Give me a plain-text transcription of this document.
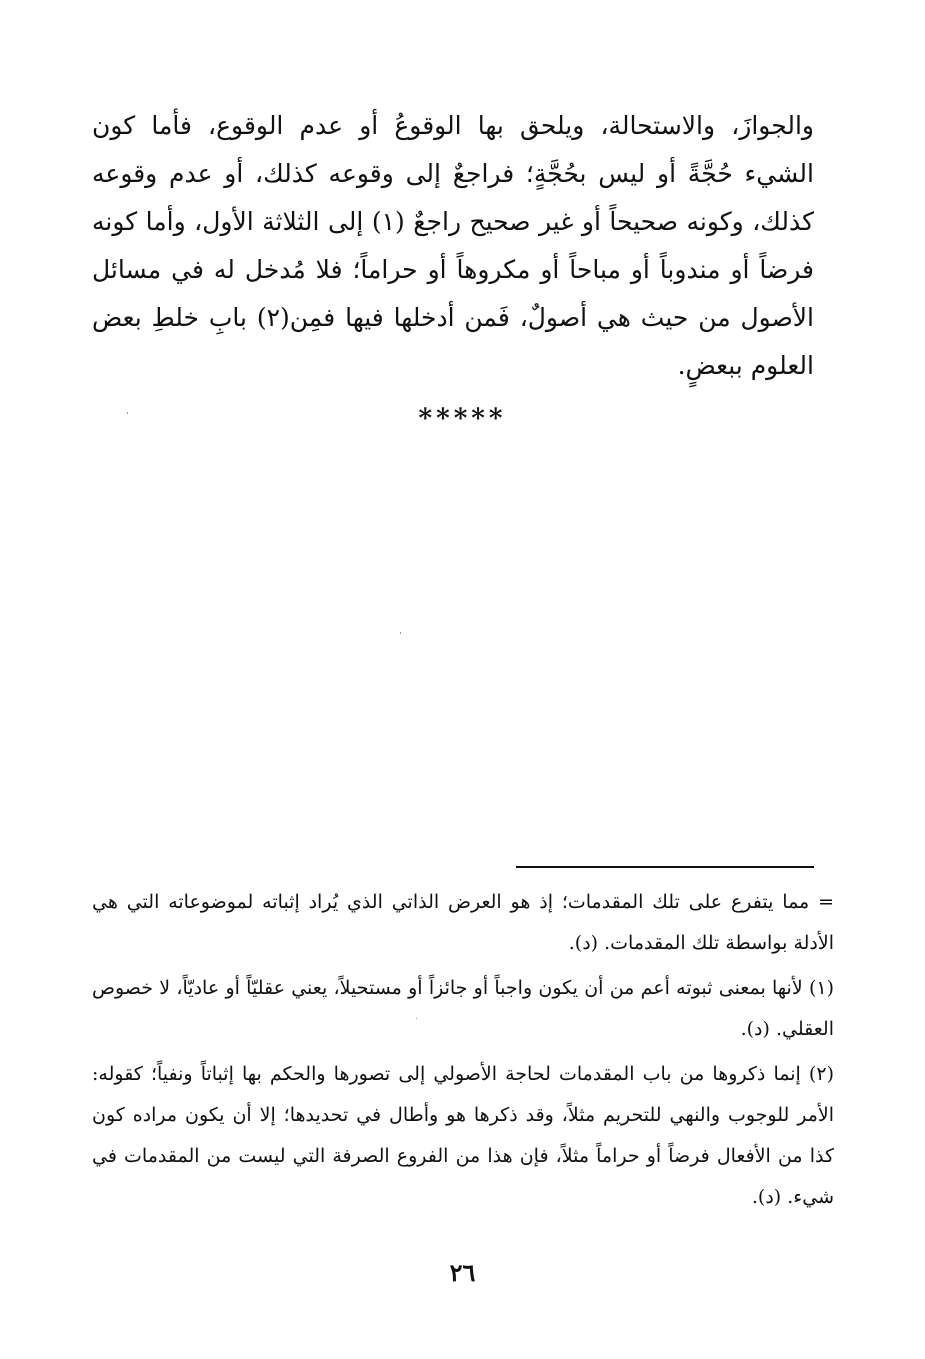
والجوازَ، والاستحالة، ويلحق بها الوقوعُ أو عدم الوقوع، فأما كون الشيء حُجَّةً أو ليس بحُجَّةٍ؛ فراجعٌ إلى وقوعه كذلك، أو عدم وقوعه كذلك، وكونه صحيحاً أو غير صحيح راجعٌ (١) إلى الثلاثة الأول، وأما كونه فرضاً أو مندوباً أو مباحاً أو مكروهاً أو حراماً؛ فلا مُدخل له في مسائل الأصول من حيث هي أصولٌ، فَمن أدخلها فيها فمِن(٢) بابِ خلطِ بعض العلوم ببعضٍ.

*****

= مما يتفرع على تلك المقدمات؛ إذ هو العرض الذاتي الذي يُراد إثباته لموضوعاته التي هي الأدلة بواسطة تلك المقدمات. (د).

(١) لأنها بمعنى ثبوته أعم من أن يكون واجباً أو جائزاً أو مستحيلاً، يعني عقليّاً أو عاديّاً، لا خصوص العقلي. (د).

(٢) إنما ذكروها من باب المقدمات لحاجة الأصولي إلى تصورها والحكم بها إثباتاً ونفياً؛ كقوله: الأمر للوجوب والنهي للتحريم مثلاً، وقد ذكرها هو وأطال في تحديدها؛ إلا أن يكون مراده كون كذا من الأفعال فرضاً أو حراماً مثلاً، فإن هذا من الفروع الصرفة التي ليست من المقدمات في شيء. (د).

٢٦
